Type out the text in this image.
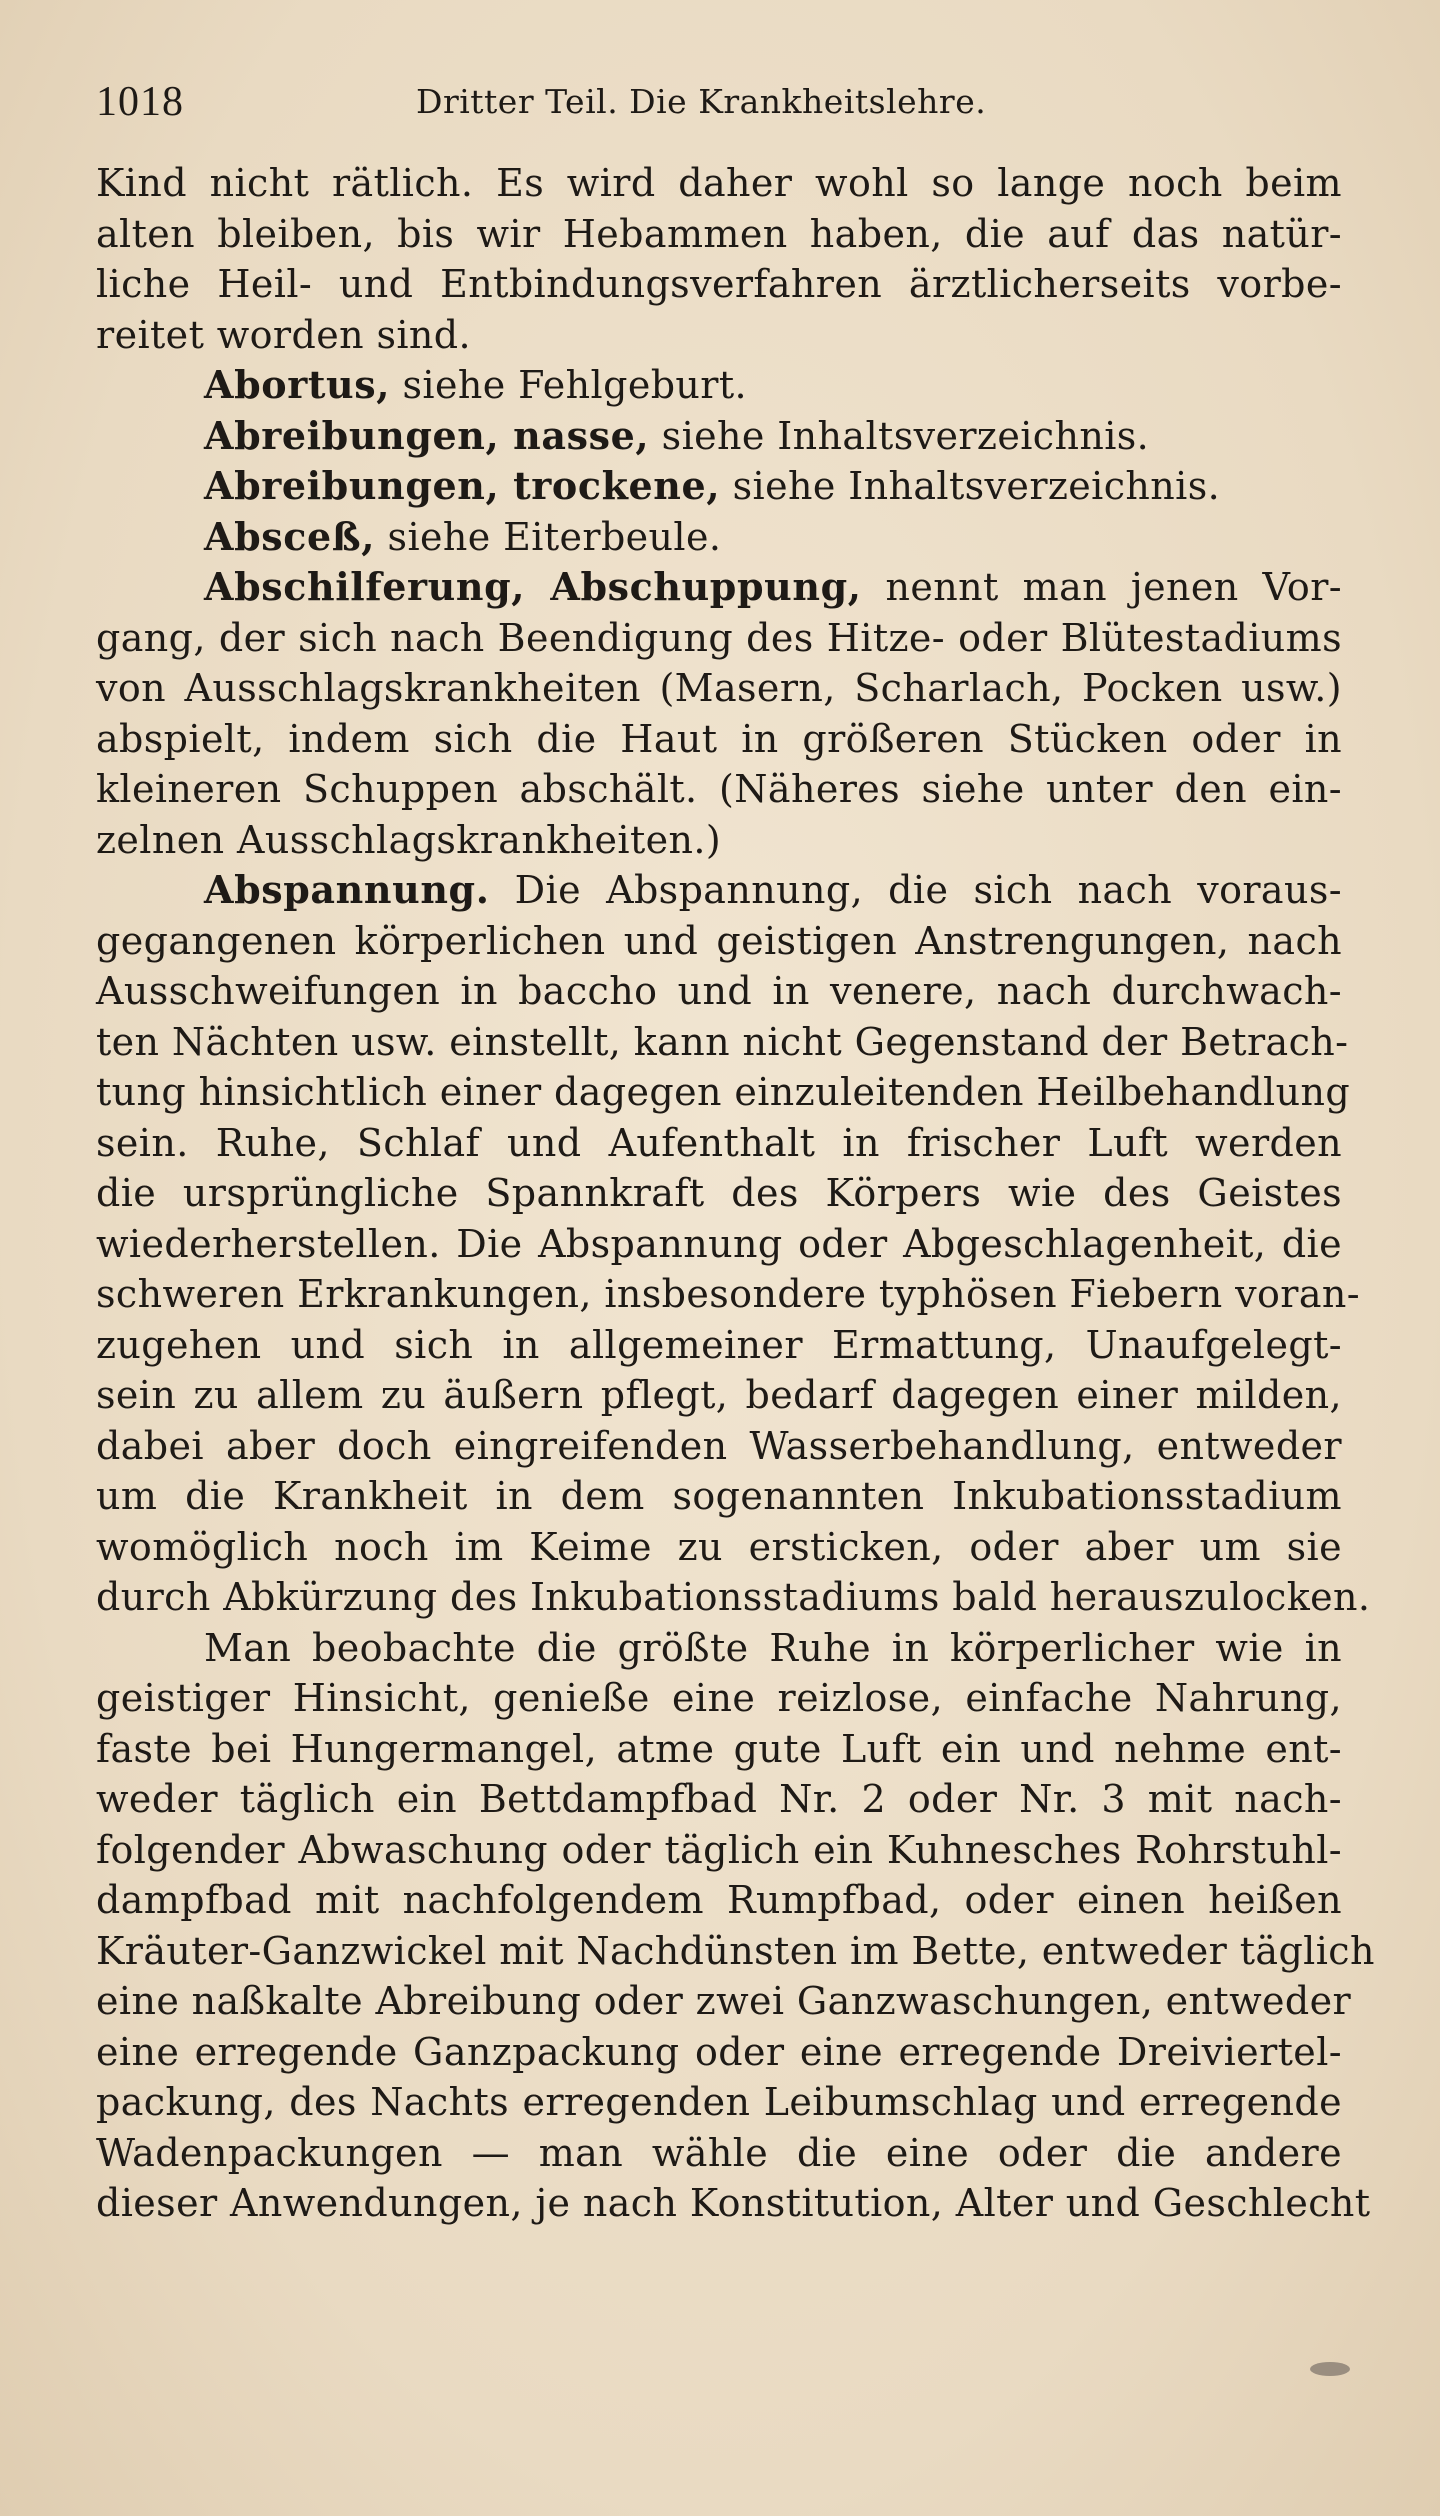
1018	Dritter Teil. Die Krankheitslehre.
Kind nicht rätlich. Es wird daher wohl so lange noch beim
alten bleiben, bis wir Hebammen haben, die auf das natür-
liche Heil- und Entbindungsverfahren ärztlicherseits vorbe-
reitet worden sind.
Abortus, siehe Fehlgeburt.
Abreibungen, nasse, siehe Inhaltsverzeichnis.
Abreibungen, trockene, siehe Inhaltsverzeichnis.
Absceß, siehe Eiterbeule.
Abschilferung, Abschuppung, nennt man jenen Vor-
gang, der sich nach Beendigung des Hitze- oder Blütestadiums
von Ausschlagskrankheiten (Masern, Scharlach, Pocken usw.)
abspielt, indem sich die Haut in größeren Stücken oder in
kleineren Schuppen abschält. (Näheres siehe unter den ein-
zelnen Ausschlagskrankheiten.)
Abspannung. Die Abspannung, die sich nach voraus-
gegangenen körperlichen und geistigen Anstrengungen, nach
Ausschweifungen in baccho und in venere, nach durchwach-
ten Nächten usw. einstellt, kann nicht Gegenstand der Betrach-
tung hinsichtlich einer dagegen einzuleitenden Heilbehandlung
sein. Ruhe, Schlaf und Aufenthalt in frischer Luft werden
die ursprüngliche Spannkraft des Körpers wie des Geistes
wiederherstellen. Die Abspannung oder Abgeschlagenheit, die
schweren Erkrankungen, insbesondere typhösen Fiebern voran-
zugehen und sich in allgemeiner Ermattung, Unaufgelegt-
sein zu allem zu äußern pflegt, bedarf dagegen einer milden,
dabei aber doch eingreifenden Wasserbehandlung, entweder
um die Krankheit in dem sogenannten Inkubationsstadium
womöglich noch im Keime zu ersticken, oder aber um sie
durch Abkürzung des Inkubationsstadiums bald herauszulocken.
Man beobachte die größte Ruhe in körperlicher wie in
geistiger Hinsicht, genieße eine reizlose, einfache Nahrung,
faste bei Hungermangel, atme gute Luft ein und nehme ent-
weder täglich ein Bettdampfbad Nr. 2 oder Nr. 3 mit nach-
folgender Abwaschung oder täglich ein Kuhnesches Rohrstuhl-
dampfbad mit nachfolgendem Rumpfbad, oder einen heißen
Kräuter-Ganzwickel mit Nachdünsten im Bette, entweder täglich
eine naßkalte Abreibung oder zwei Ganzwaschungen, entweder
eine erregende Ganzpackung oder eine erregende Dreiviertel-
packung, des Nachts erregenden Leibumschlag und erregende
Wadenpackungen — man wähle die eine oder die andere
dieser Anwendungen, je nach Konstitution, Alter und Geschlecht
